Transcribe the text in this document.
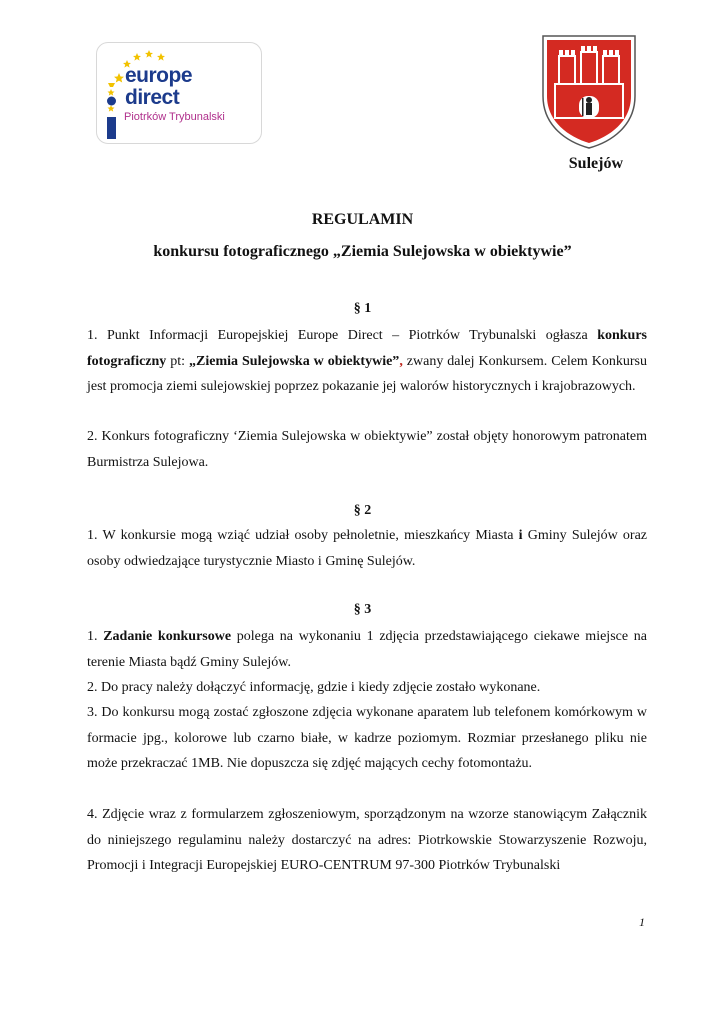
europe
direct
Piotrków Trybunalski
Sulejów
REGULAMIN
konkursu fotograficznego „Ziemia Sulejowska w obiektywie”
§ 1

1. Punkt Informacji Europejskiej Europe Direct – Piotrków Trybunalski ogłasza konkurs fotograficzny pt: „Ziemia Sulejowska w obiektywie”, zwany dalej Konkursem. Celem Konkursu jest promocja ziemi sulejowskiej poprzez pokazanie jej walorów historycznych i krajobrazowych.

2. Konkurs fotograficzny ‘Ziemia Sulejowska w obiektywie” został objęty honorowym patronatem Burmistrza Sulejowa.

§ 2

1. W konkursie mogą wziąć udział osoby pełnoletnie, mieszkańcy Miasta i Gminy Sulejów oraz osoby odwiedzające turystycznie Miasto i Gminę Sulejów.

§ 3

1. Zadanie konkursowe polega na wykonaniu 1 zdjęcia przedstawiającego ciekawe miejsce na terenie Miasta bądź Gminy Sulejów.

2. Do pracy należy dołączyć informację, gdzie i kiedy zdjęcie zostało wykonane.

3. Do konkursu mogą zostać zgłoszone zdjęcia wykonane aparatem lub telefonem komórkowym w formacie jpg., kolorowe lub czarno białe, w kadrze poziomym. Rozmiar przesłanego pliku nie może przekraczać 1MB. Nie dopuszcza się zdjęć mających cechy fotomontażu.

4. Zdjęcie wraz z formularzem zgłoszeniowym, sporządzonym na wzorze stanowiącym Załącznik do niniejszego regulaminu należy dostarczyć na adres: Piotrkowskie Stowarzyszenie Rozwoju, Promocji i Integracji Europejskiej EURO-CENTRUM 97-300 Piotrków Trybunalski

1
